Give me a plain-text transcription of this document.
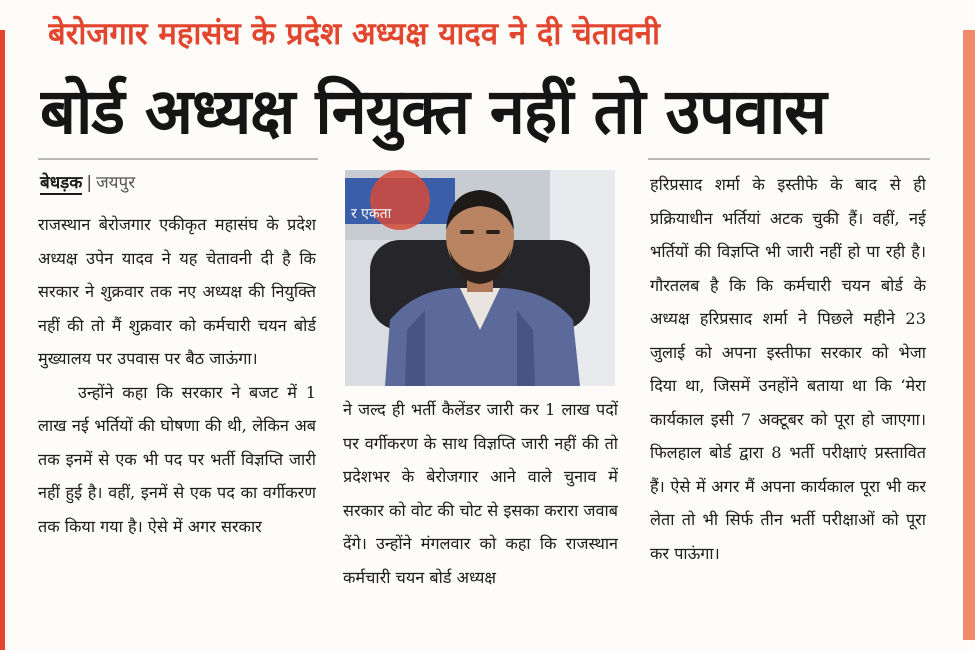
बेरोजगार महासंघ के प्रदेश अध्यक्ष यादव ने दी चेतावनी
बोर्ड अध्यक्ष नियुक्त नहीं तो उपवास
बेधड़क | जयपुर

राजस्थान बेरोजगार एकीकृत महासंघ के प्रदेश अध्यक्ष उपेन यादव ने यह चेतावनी दी है कि सरकार ने शुक्रवार तक नए अध्यक्ष की नियुक्ति नहीं की तो मैं शुक्रवार को कर्मचारी चयन बोर्ड मुख्यालय पर उपवास पर बैठ जाऊंगा।

उन्होंने कहा कि सरकार ने बजट में 1 लाख नई भर्तियों की घोषणा की थी, लेकिन अब तक इनमें से एक भी पद पर भर्ती विज्ञप्ति जारी नहीं हुई है। वहीं, इनमें से एक पद का वर्गीकरण तक किया गया है। ऐसे में अगर सरकार

र एकता

ने जल्द ही भर्ती कैलेंडर जारी कर 1 लाख पदों पर वर्गीकरण के साथ विज्ञप्ति जारी नहीं की तो प्रदेशभर के बेरोजगार आने वाले चुनाव में सरकार को वोट की चोट से इसका करारा जवाब देंगे। उन्होंने मंगलवार को कहा कि राजस्थान कर्मचारी चयन बोर्ड अध्यक्ष

हरिप्रसाद शर्मा के इस्तीफे के बाद से ही प्रक्रियाधीन भर्तियां अटक चुकी हैं। वहीं, नई भर्तियों की विज्ञप्ति भी जारी नहीं हो पा रही है। गौरतलब है कि कि कर्मचारी चयन बोर्ड के अध्यक्ष हरिप्रसाद शर्मा ने पिछले महीने 23 जुलाई को अपना इस्तीफा सरकार को भेजा दिया था, जिसमें उनहोंने बताया था कि ‘मेरा कार्यकाल इसी 7 अक्टूबर को पूरा हो जाएगा। फिलहाल बोर्ड द्वारा 8 भर्ती परीक्षाएं प्रस्तावित हैं। ऐसे में अगर मैं अपना कार्यकाल पूरा भी कर लेता तो भी सिर्फ तीन भर्ती परीक्षाओं को पूरा कर पाऊंगा।
